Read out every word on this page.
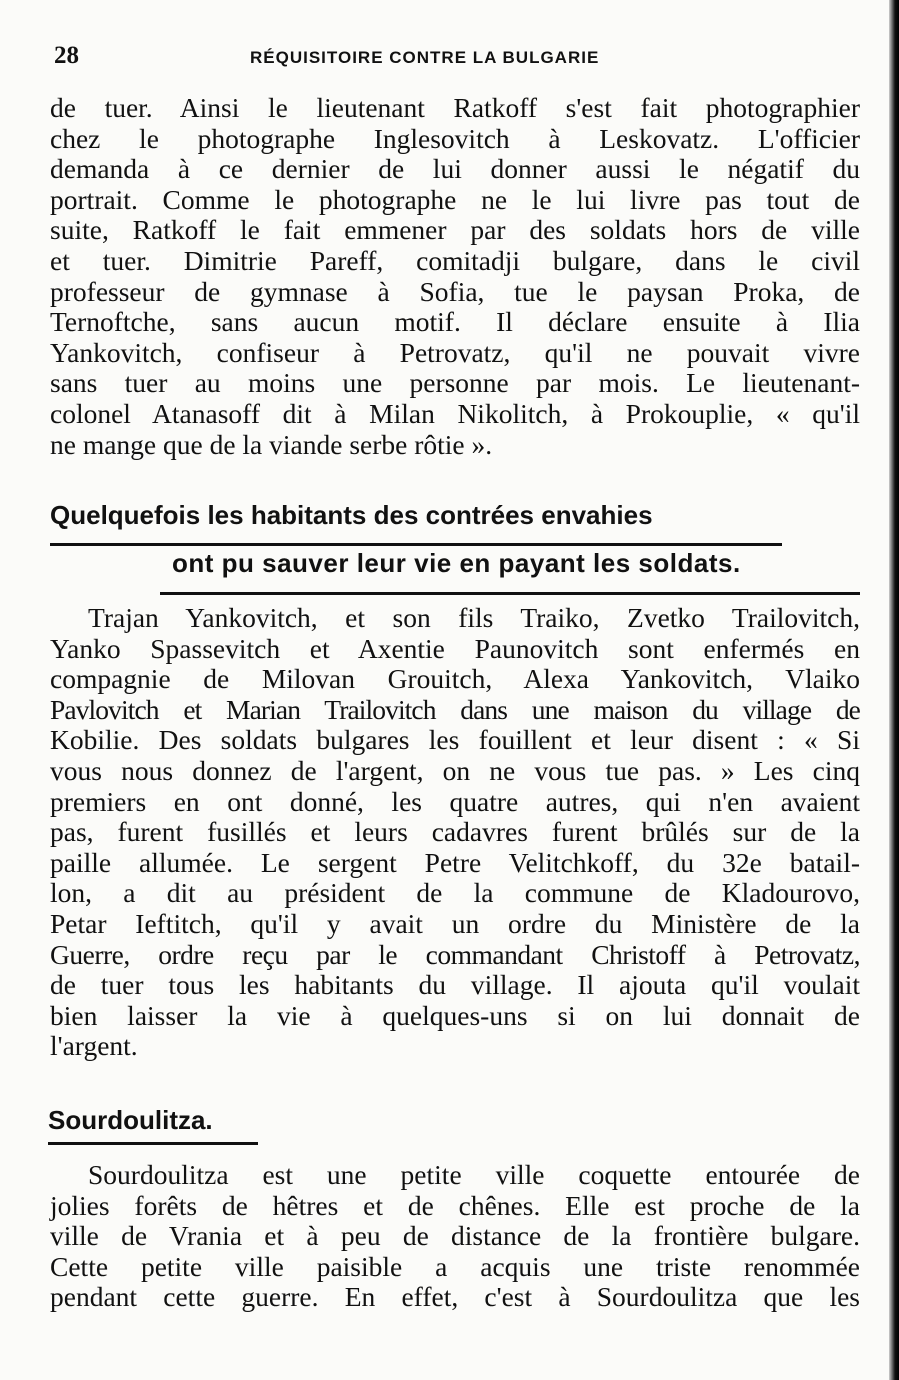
28	RÉQUISITOIRE CONTRE LA BULGARIE
de tuer. Ainsi le lieutenant Ratkoff s'est fait photographier
chez le photographe Inglesovitch à Leskovatz. L'officier
demanda à ce dernier de lui donner aussi le négatif du
portrait. Comme le photographe ne le lui livre pas tout de
suite, Ratkoff le fait emmener par des soldats hors de ville
et tuer. Dimitrie Pareff, comitadji bulgare, dans le civil
professeur de gymnase à Sofia, tue le paysan Proka, de
Ternoftche, sans aucun motif. Il déclare ensuite à Ilia
Yankovitch, confiseur à Petrovatz, qu'il ne pouvait vivre
sans tuer au moins une personne par mois. Le lieutenant-
colonel Atanasoff dit à Milan Nikolitch, à Prokouplie, « qu'il
ne mange que de la viande serbe rôtie ».
Quelquefois les habitants des contrées envahies
ont pu sauver leur vie en payant les soldats.
Trajan Yankovitch, et son fils Traiko, Zvetko Trailovitch,
Yanko Spassevitch et Axentie Paunovitch sont enfermés en
compagnie de Milovan Grouitch, Alexa Yankovitch, Vlaiko
Pavlovitch et Marian Trailovitch dans une maison du village de
Kobilie. Des soldats bulgares les fouillent et leur disent : « Si
vous nous donnez de l'argent, on ne vous tue pas. » Les cinq
premiers en ont donné, les quatre autres, qui n'en avaient
pas, furent fusillés et leurs cadavres furent brûlés sur de la
paille allumée. Le sergent Petre Velitchkoff, du 32e batail-
lon, a dit au président de la commune de Kladourovo,
Petar Ieftitch, qu'il y avait un ordre du Ministère de la
Guerre, ordre reçu par le commandant Christoff à Petrovatz,
de tuer tous les habitants du village. Il ajouta qu'il voulait
bien laisser la vie à quelques-uns si on lui donnait de
l'argent.
Sourdoulitza.
Sourdoulitza est une petite ville coquette entourée de
jolies forêts de hêtres et de chênes. Elle est proche de la
ville de Vrania et à peu de distance de la frontière bulgare.
Cette petite ville paisible a acquis une triste renommée
pendant cette guerre. En effet, c'est à Sourdoulitza que les
